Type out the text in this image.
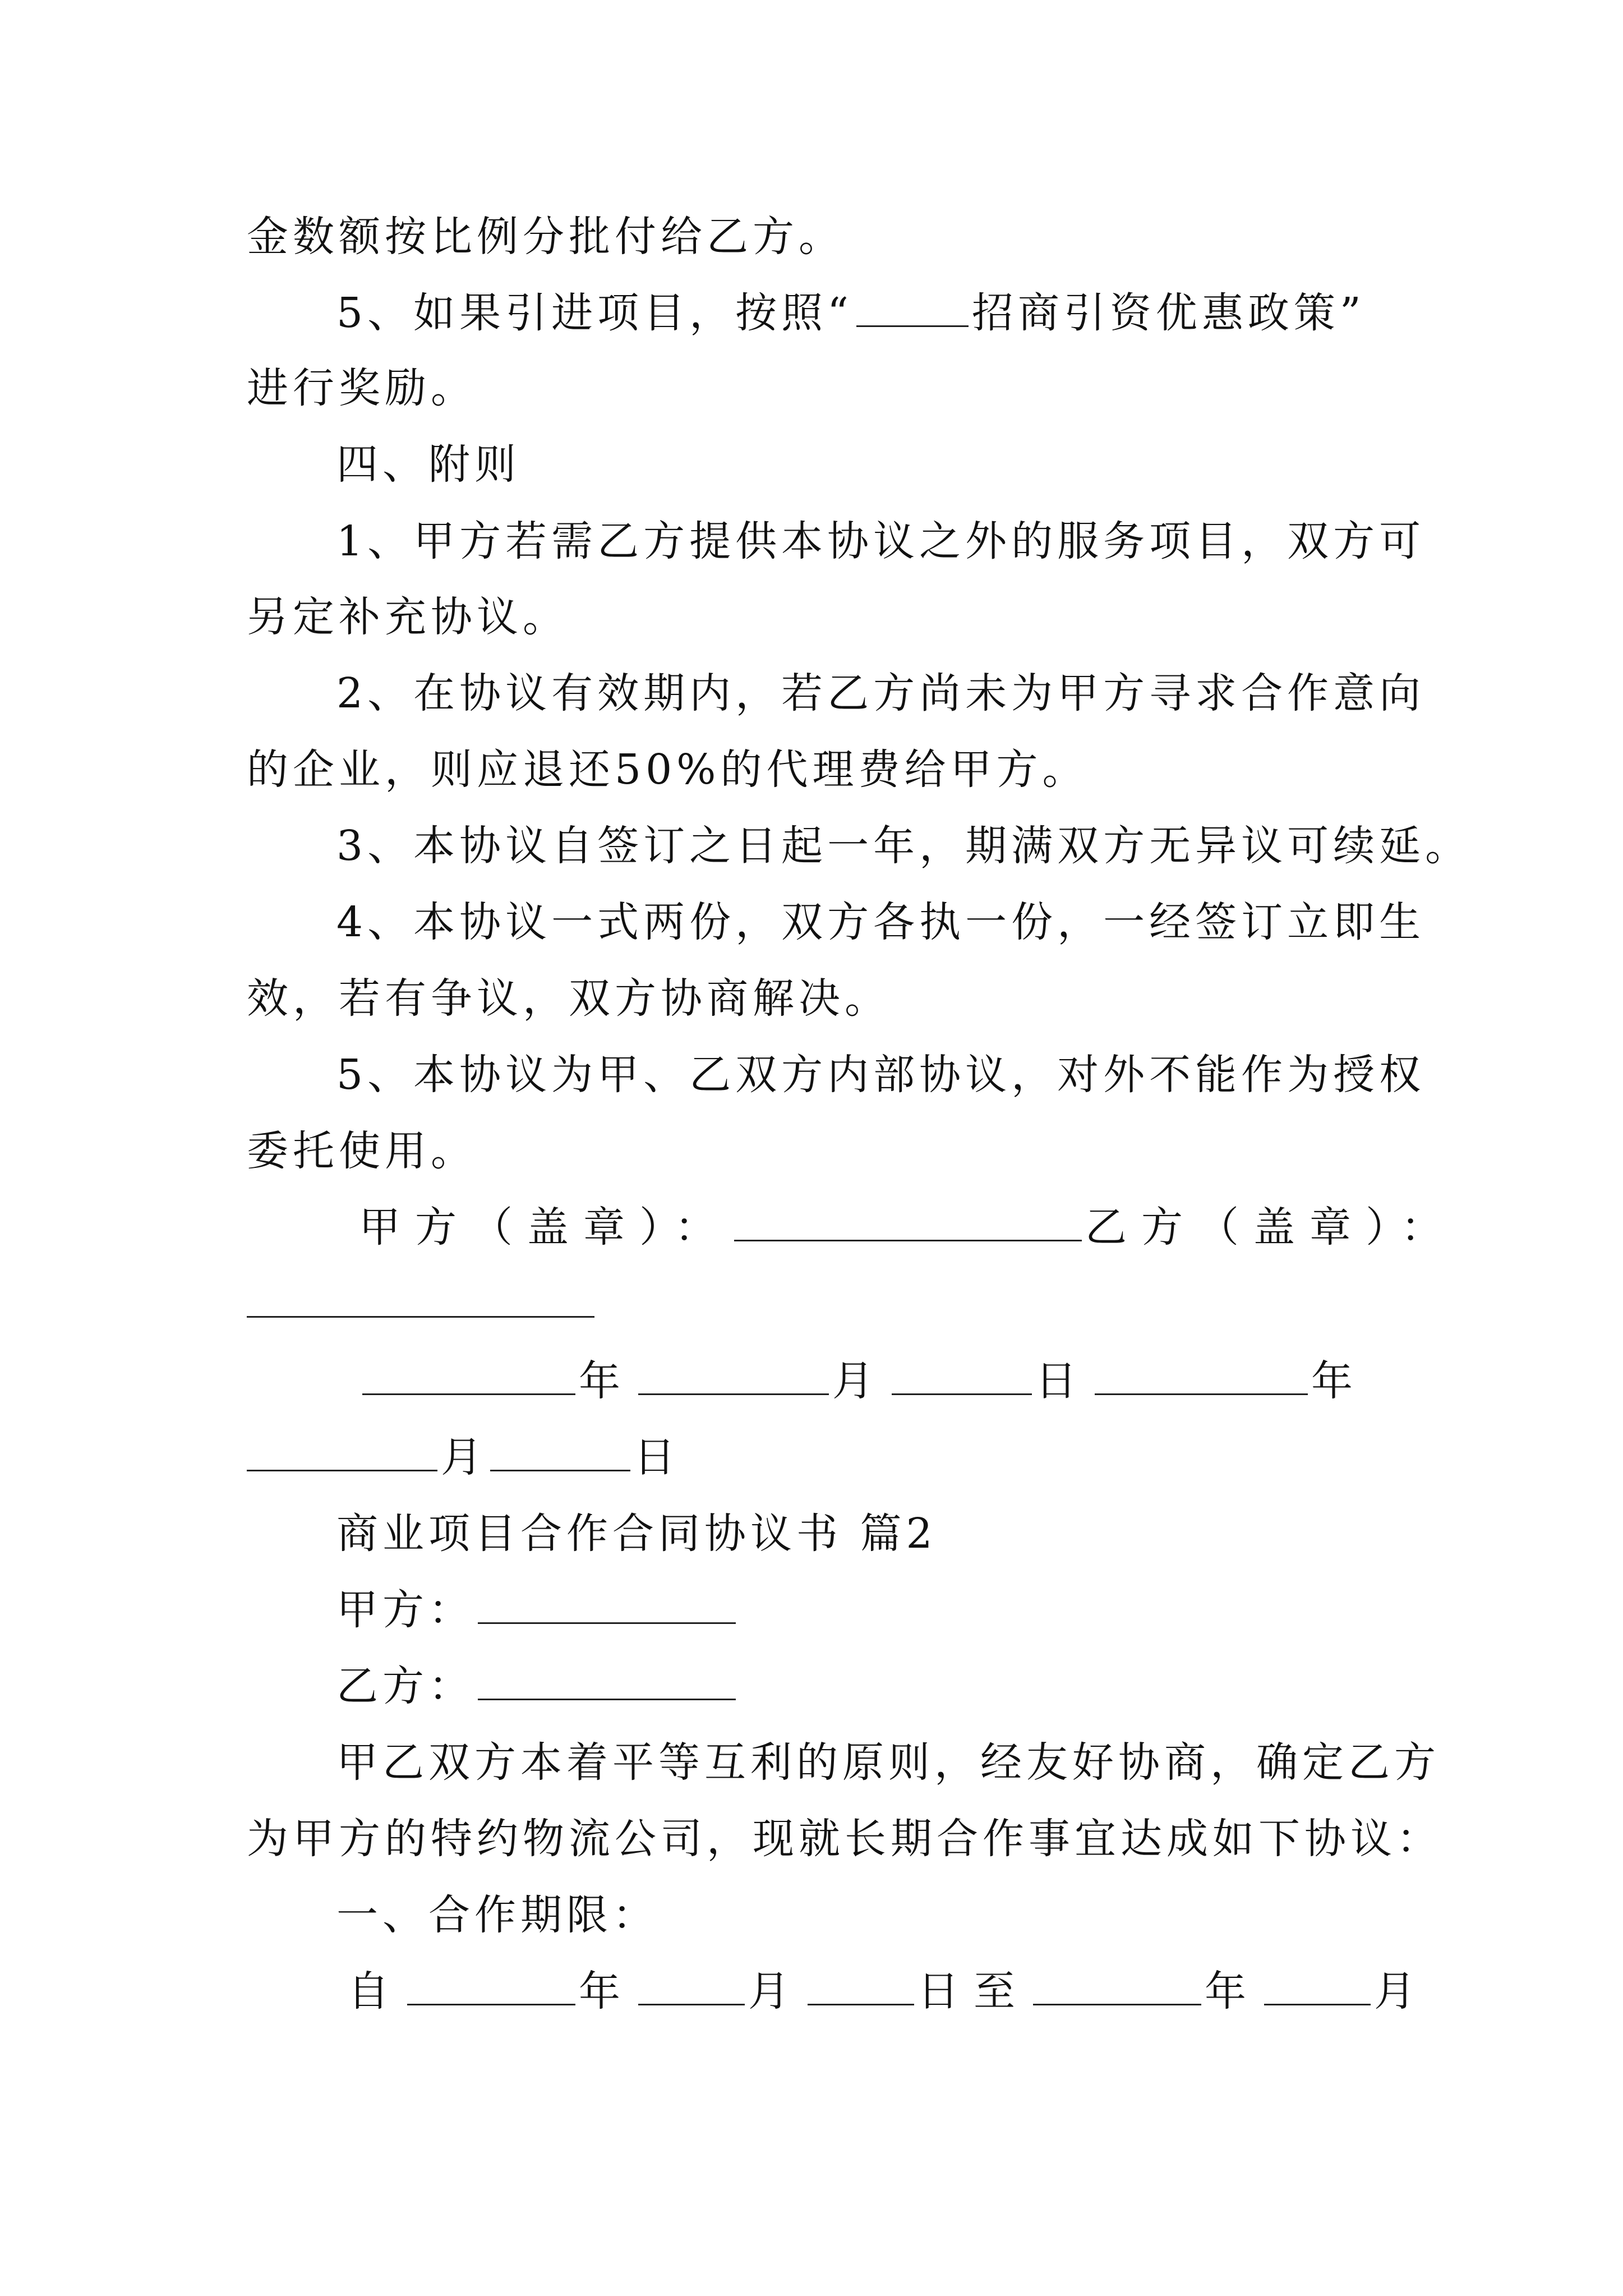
金数额按比例分批付给乙方。
5、如果引进项目，按照“	招商引资优惠政策”
进行奖励。
四、附则
1、甲方若需乙方提供本协议之外的服务项目，双方可
另定补充协议。
2、在协议有效期内，若乙方尚未为甲方寻求合作意向
的企业，则应退还50%的代理费给甲方。
3、本协议自签订之日起一年，期满双方无异议可续延。
4、本协议一式两份，双方各执一份，一经签订立即生
效，若有争议，双方协商解决。
5、本协议为甲、乙双方内部协议，对外不能作为授权
委托使用。
甲方（盖章）：	乙方（盖章）：
年	月	日	年
月	日
商业项目合作合同协议书 篇2
甲方：
乙方：
甲乙双方本着平等互利的原则，经友好协商，确定乙方
为甲方的特约物流公司，现就长期合作事宜达成如下协议：
一、合作期限：
自	年	月	日至	年	月
